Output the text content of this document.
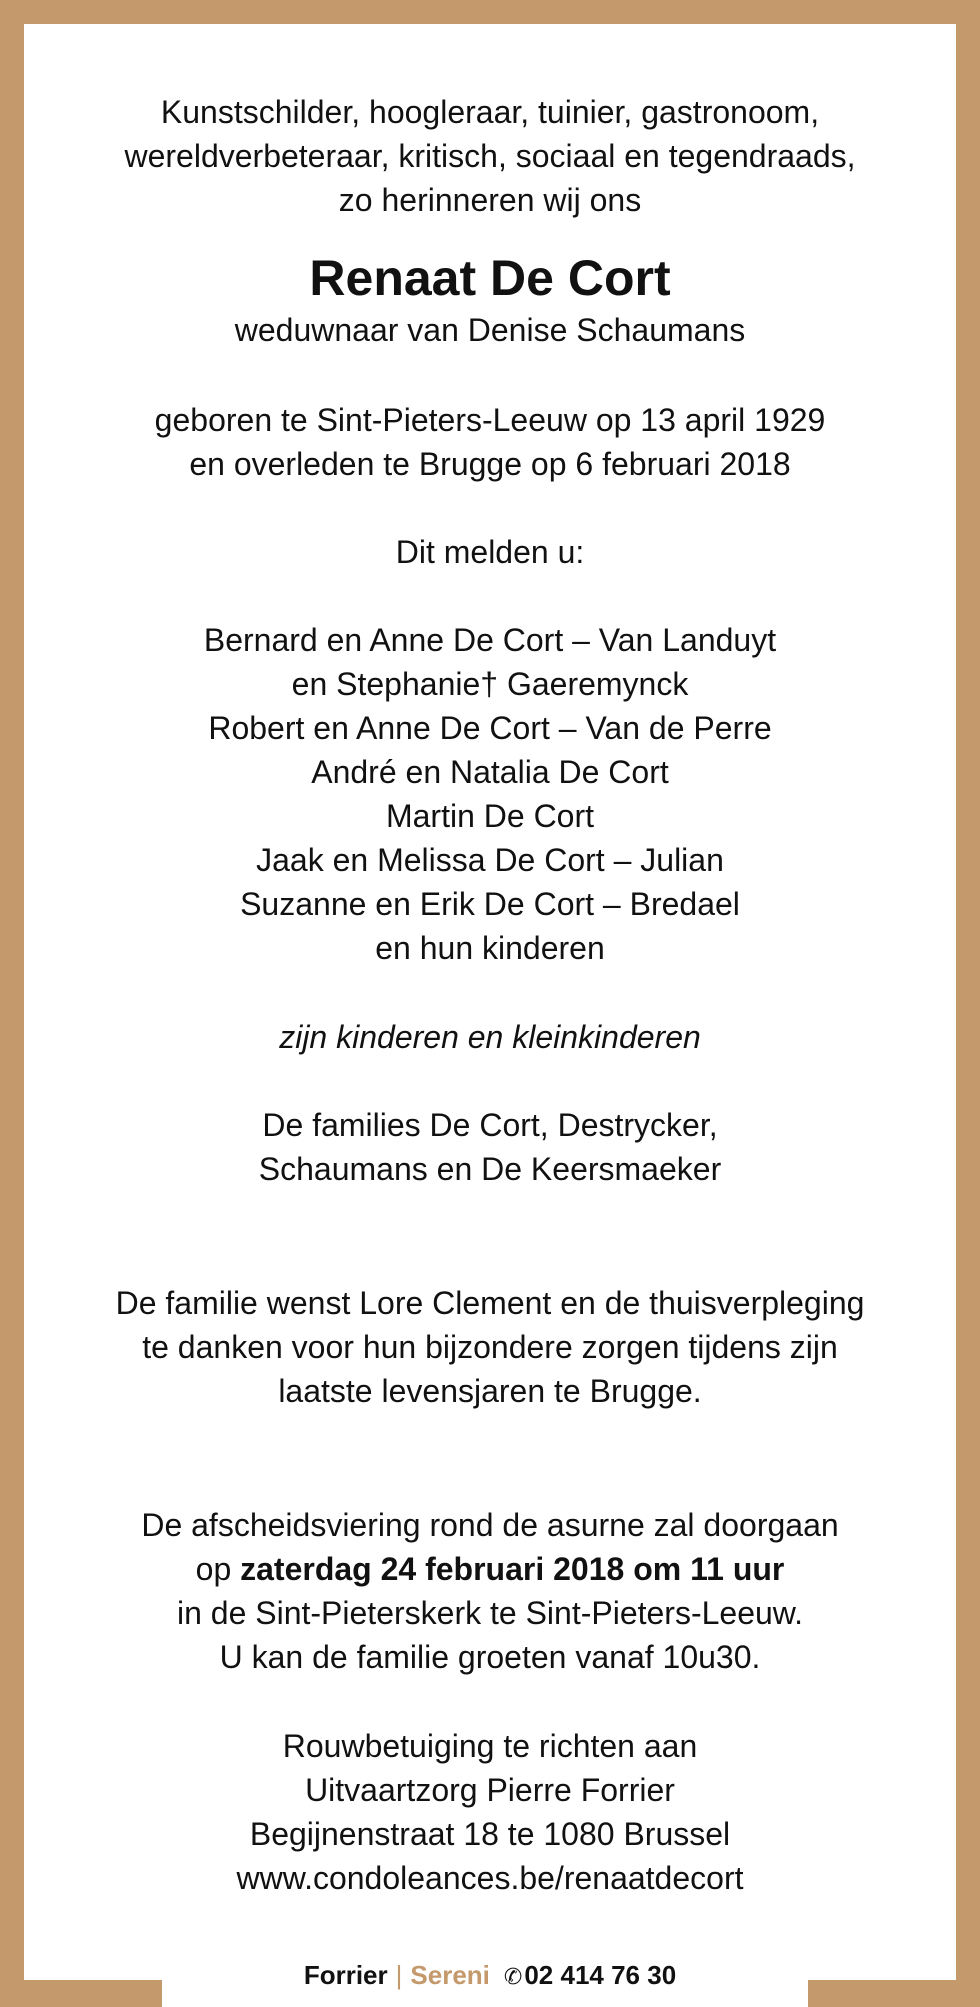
Kunstschilder, hoogleraar, tuinier, gastronoom,
wereldverbeteraar, kritisch, sociaal en tegendraads,
zo herinneren wij ons
Renaat De Cort
weduwnaar van Denise Schaumans
geboren te Sint-Pieters-Leeuw op 13 april 1929
en overleden te Brugge op 6 februari 2018
Dit melden u:
Bernard en Anne De Cort – Van Landuyt
en Stephanie† Gaeremynck
Robert en Anne De Cort – Van de Perre
André en Natalia De Cort
Martin De Cort
Jaak en Melissa De Cort – Julian
Suzanne en Erik De Cort – Bredael
en hun kinderen
zijn kinderen en kleinkinderen
De families De Cort, Destrycker,
Schaumans en De Keersmaeker
De familie wenst Lore Clement en de thuisverpleging
te danken voor hun bijzondere zorgen tijdens zijn
laatste levensjaren te Brugge.
De afscheidsviering rond de asurne zal doorgaan
op zaterdag 24 februari 2018 om 11 uur
in de Sint-Pieterskerk te Sint-Pieters-Leeuw.
U kan de familie groeten vanaf 10u30.
Rouwbetuiging te richten aan
Uitvaartzorg Pierre Forrier
Begijnenstraat 18 te 1080 Brussel
www.condoleances.be/renaatdecort
Forrier | Sereni ✆02 414 76 30
